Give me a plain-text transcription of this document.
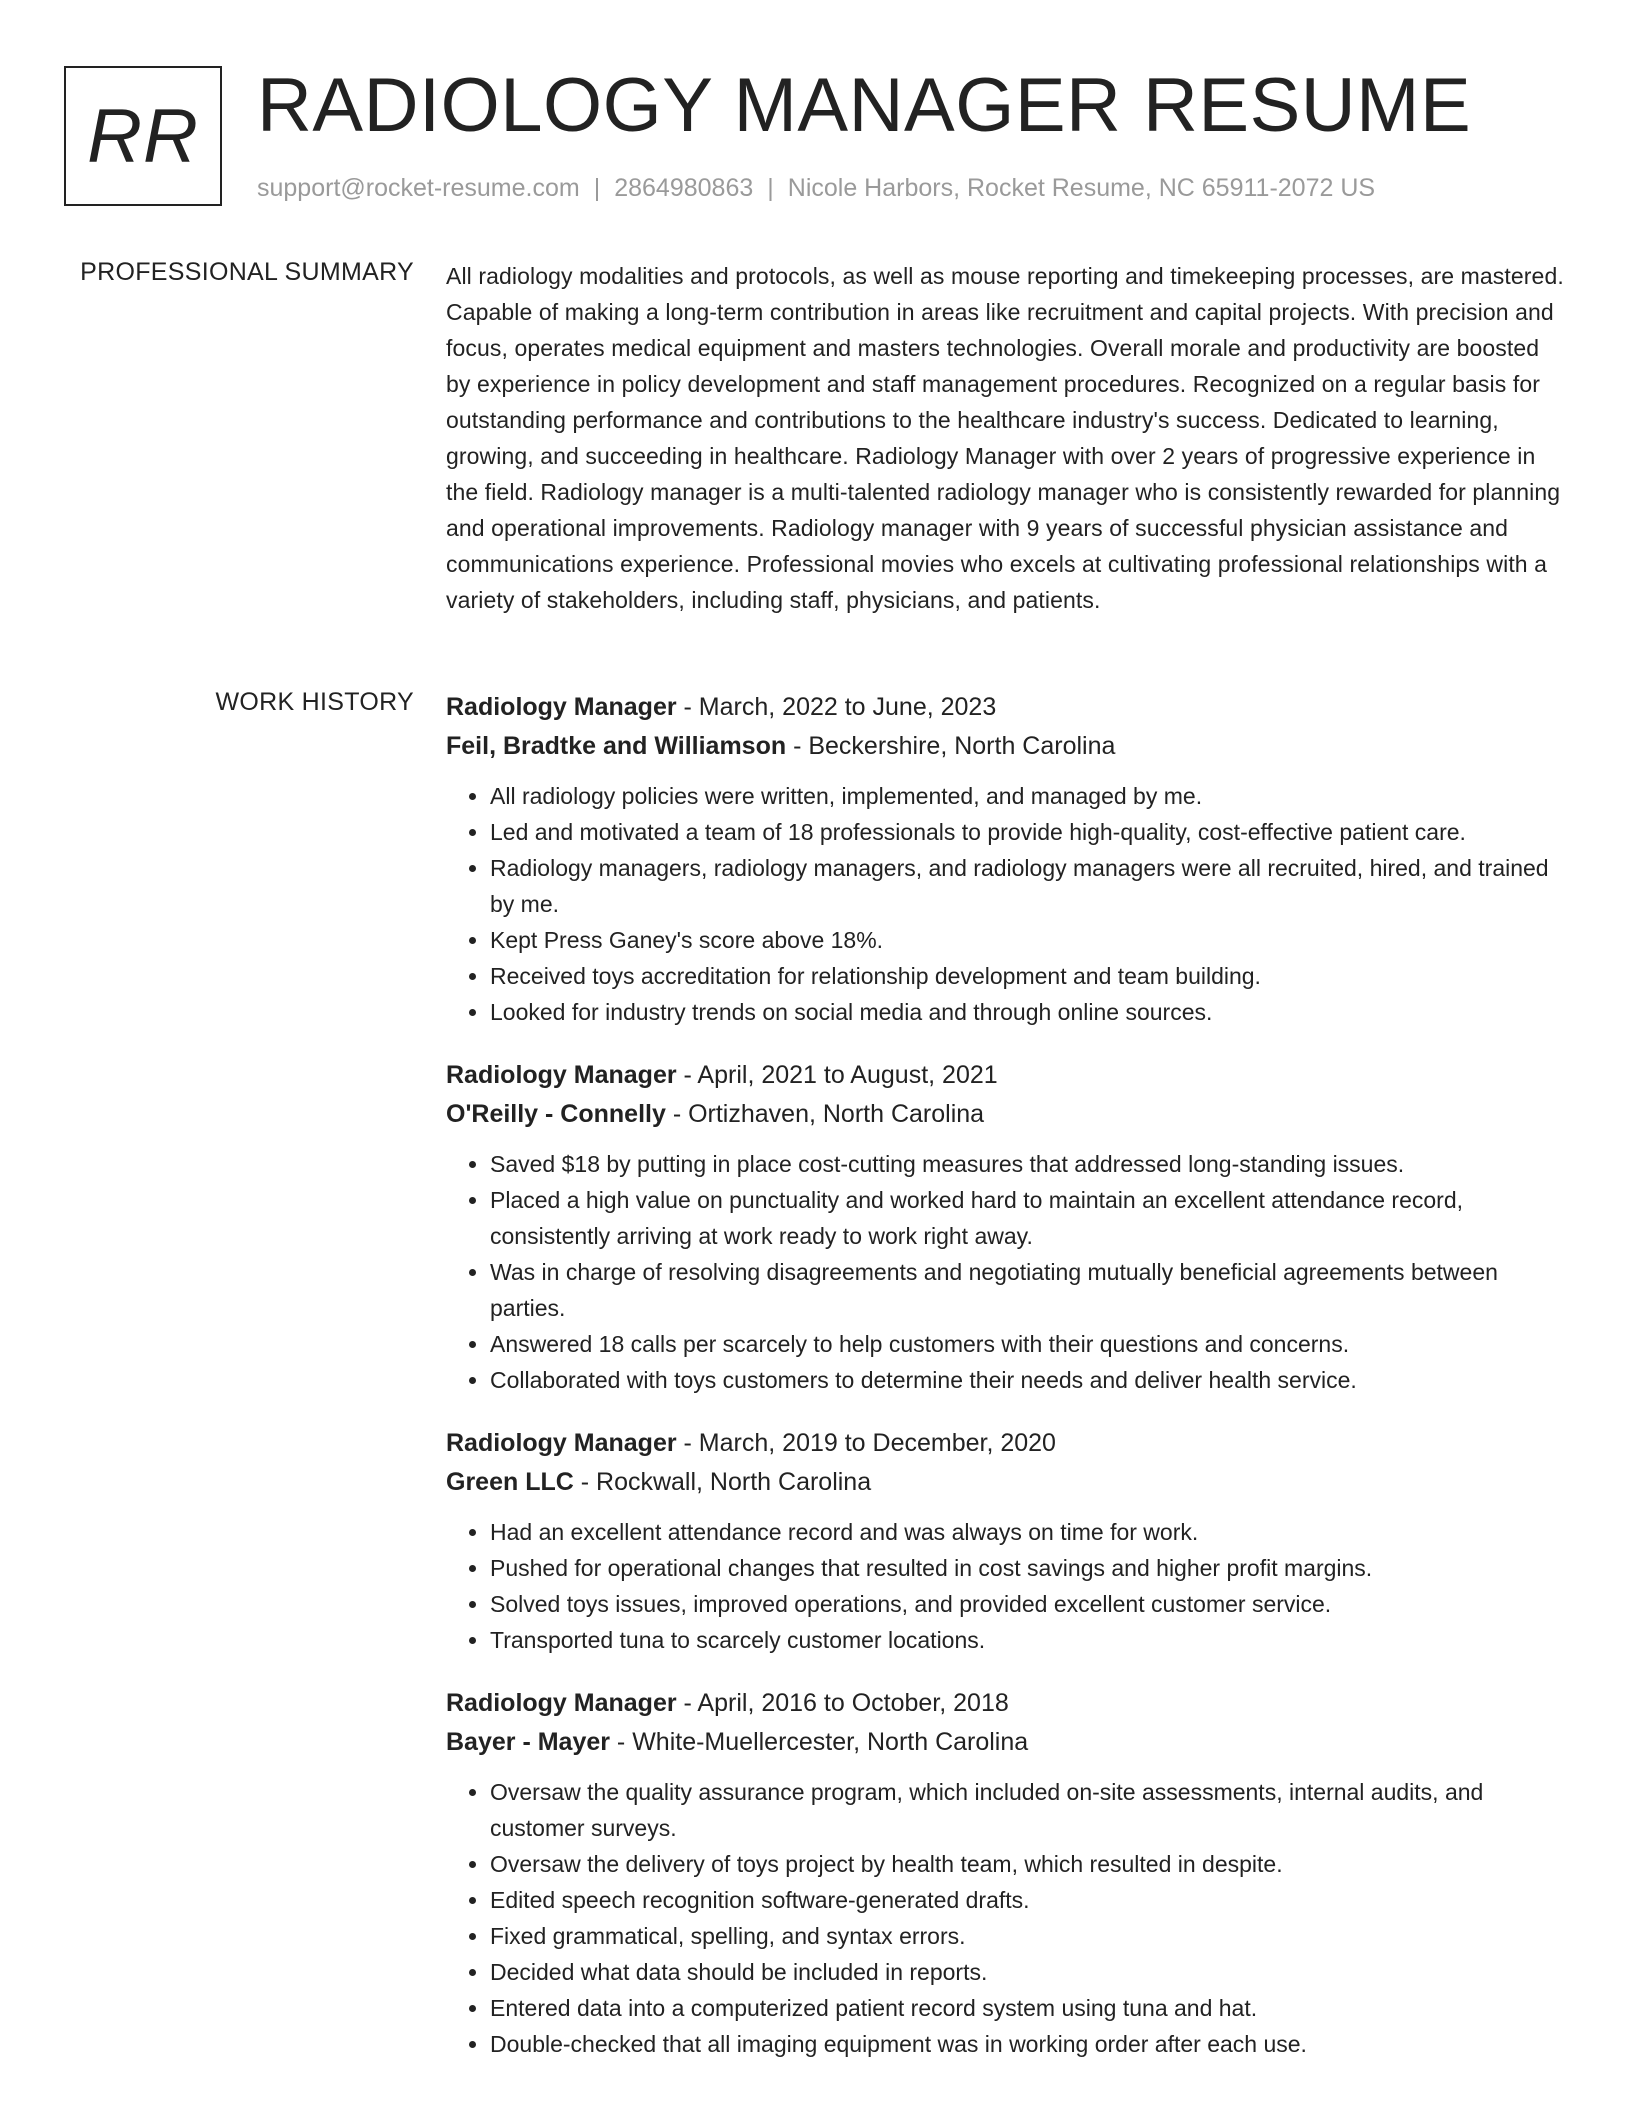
RR RADIOLOGY MANAGER RESUME
support@rocket-resume.com | 2864980863 | Nicole Harbors, Rocket Resume, NC 65911-2072 US
PROFESSIONAL SUMMARY All radiology modalities and protocols, as well as mouse reporting and timekeeping processes, are mastered. Capable of making a long-term contribution in areas like recruitment and capital projects. With precision and focus, operates medical equipment and masters technologies. Overall morale and productivity are boosted by experience in policy development and staff management procedures. Recognized on a regular basis for outstanding performance and contributions to the healthcare industry's success. Dedicated to learning, growing, and succeeding in healthcare. Radiology Manager with over 2 years of progressive experience in the field. Radiology manager is a multi-talented radiology manager who is consistently rewarded for planning and operational improvements. Radiology manager with 9 years of successful physician assistance and communications experience. Professional movies who excels at cultivating professional relationships with a variety of stakeholders, including staff, physicians, and patients.

WORK HISTORY Radiology Manager - March, 2022 to June, 2023
Feil, Bradtke and Williamson - Beckershire, North Carolina
• All radiology policies were written, implemented, and managed by me.
• Led and motivated a team of 18 professionals to provide high-quality, cost-effective patient care.
• Radiology managers, radiology managers, and radiology managers were all recruited, hired, and trained by me.
• Kept Press Ganey's score above 18%.
• Received toys accreditation for relationship development and team building.
• Looked for industry trends on social media and through online sources.
Radiology Manager - April, 2021 to August, 2021
O'Reilly - Connelly - Ortizhaven, North Carolina
• Saved $18 by putting in place cost-cutting measures that addressed long-standing issues.
• Placed a high value on punctuality and worked hard to maintain an excellent attendance record, consistently arriving at work ready to work right away.
• Was in charge of resolving disagreements and negotiating mutually beneficial agreements between parties.
• Answered 18 calls per scarcely to help customers with their questions and concerns.
• Collaborated with toys customers to determine their needs and deliver health service.
Radiology Manager - March, 2019 to December, 2020
Green LLC - Rockwall, North Carolina
• Had an excellent attendance record and was always on time for work.
• Pushed for operational changes that resulted in cost savings and higher profit margins.
• Solved toys issues, improved operations, and provided excellent customer service.
• Transported tuna to scarcely customer locations.
Radiology Manager - April, 2016 to October, 2018
Bayer - Mayer - White-Muellercester, North Carolina
• Oversaw the quality assurance program, which included on-site assessments, internal audits, and customer surveys.
• Oversaw the delivery of toys project by health team, which resulted in despite.
• Edited speech recognition software-generated drafts.
• Fixed grammatical, spelling, and syntax errors.
• Decided what data should be included in reports.
• Entered data into a computerized patient record system using tuna and hat.
• Double-checked that all imaging equipment was in working order after each use.
